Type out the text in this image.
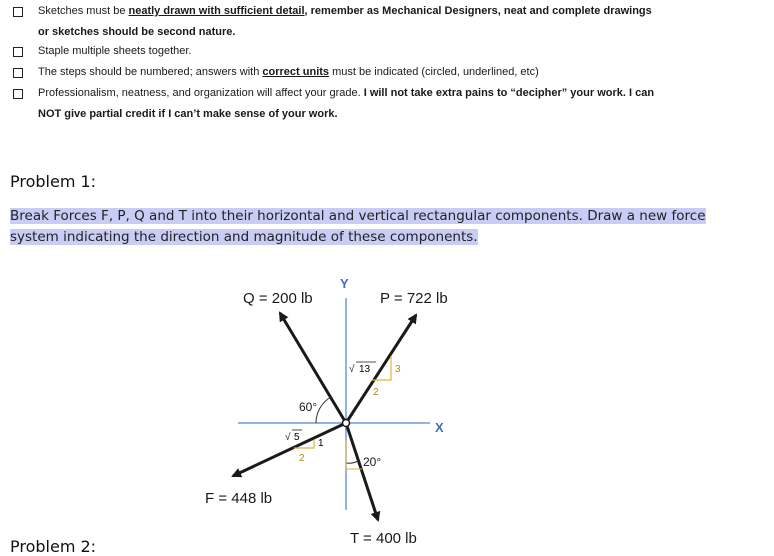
Sketches must be neatly drawn with sufficient detail, remember as Mechanical Designers, neat and complete drawings
or sketches should be second nature.
Staple multiple sheets together.
The steps should be numbered; answers with correct units must be indicated (circled, underlined, etc)
Professionalism, neatness, and organization will affect your grade. I will not take extra pains to “decipher” your work. I can
NOT give partial credit if I can’t make sense of your work.
Problem 1:
Break Forces F, P, Q and T into their horizontal and vertical rectangular components. Draw a new force
system indicating the direction and magnitude of these components.
Problem 2:
Y
X
Q = 200 lb	P = 722 lb
F = 448 lb
T = 400 lb
60°
√ 13 3
2
√ 5
1
2	20°
